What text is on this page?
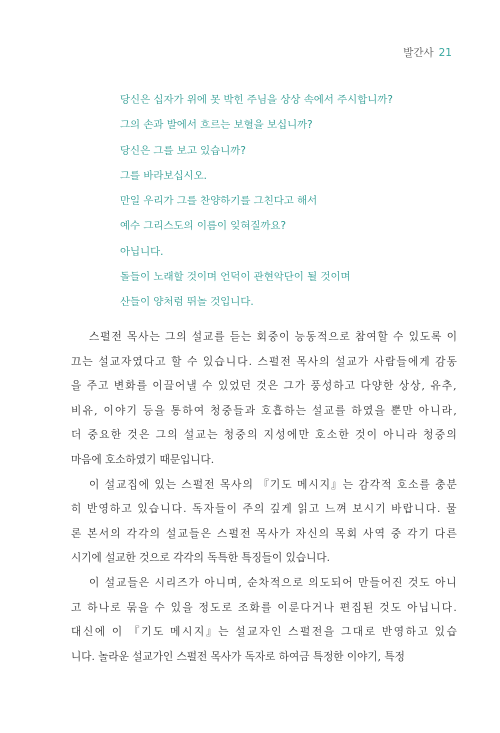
발간사 21
당신은 십자가 위에 못 박힌 주님을 상상 속에서 주시합니까?
그의 손과 발에서 흐르는 보혈을 보십니까?
당신은 그를 보고 있습니까?
그를 바라보십시오.
만일 우리가 그를 찬양하기를 그친다고 해서
예수 그리스도의 이름이 잊혀질까요?
아닙니다.
돌들이 노래할 것이며 언덕이 관현악단이 될 것이며
산들이 양처럼 뛰놀 것입니다.
스 펄 전
목 사 는
그 의
설 교 를
듣 는
회 중 이
능 동 적 으 로
참 여 할
수
있 도 록
이
끄 는
설 교 자 였 다 고
할
수
있 습 니 다 .
스 펄 전
목 사 의
설 교 가
사 람 들 에 게
감 동
을
주 고
변 화 를
이 끌 어 낼
수
있 었 던
것 은
그 가
풍 성 하 고
다 양 한
상 상 ,
유 추 ,
비 유 ,
이 야 기
등 을
통 하 여
청 중 들 과
호 흡 하 는
설 교 를
하 였 을
뿐 만
아 니 라 ,
더
중 요 한
것 은
그 의
설 교 는
청 중 의
지 성 에 만
호 소 한
것 이
아 니 라
청 중 의
마음에 호소하였기 때문입니다.
이
설 교 집 에
있 는
스 펄 전
목 사 의
『 기 도
메 시 지 』 는
감 각 적
호 소 를
충 분
히
반 영 하 고
있 습 니 다 .
독 자 들 이
주 의
깊 게
읽 고
느 껴
보 시 기
바 랍 니 다 .
물
론
본 서 의
각 각 의
설 교 들 은
스 펄 전
목 사 가
자 신 의
목 회
사 역
중
각 기
다 른
시기에 설교한 것으로 각각의 독특한 특징들이 있습니다.
이
설 교 들 은
시 리 즈 가
아 니 며 ,
순 차 적 으 로
의 도 되 어
만 들 어 진
것 도
아 니
고
하 나 로
묶 을
수
있 을
정 도 로
조 화 를
이 룬 다 거 나
편 집 된
것 도
아 닙 니 다 .
대 신 에
이
『 기 도
메 시 지 』 는
설 교 자 인
스 펄 전 을
그 대 로
반 영 하 고
있 습
니다. 놀라운 설교가인 스펄전 목사가 독자로 하여금 특정한 이야기, 특정
